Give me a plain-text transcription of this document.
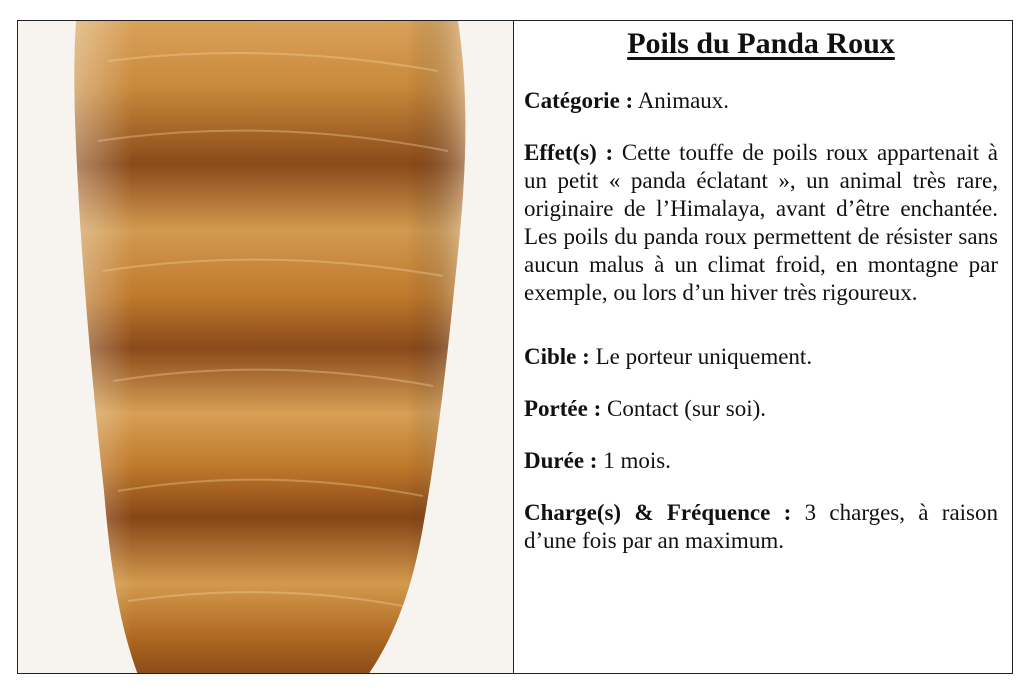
Poils du Panda Roux

Catégorie : Animaux.

Effet(s) : Cette touffe de poils roux appartenait à un petit « panda éclatant », un animal très rare, originaire de l’Himalaya, avant d’être enchantée. Les poils du panda roux permettent de résister sans aucun malus à un climat froid, en montagne par exemple, ou lors d’un hiver très rigoureux.

Cible : Le porteur uniquement.

Portée : Contact (sur soi).

Durée : 1 mois.

Charge(s) & Fréquence : 3 charges, à raison d’une fois par an maximum.
